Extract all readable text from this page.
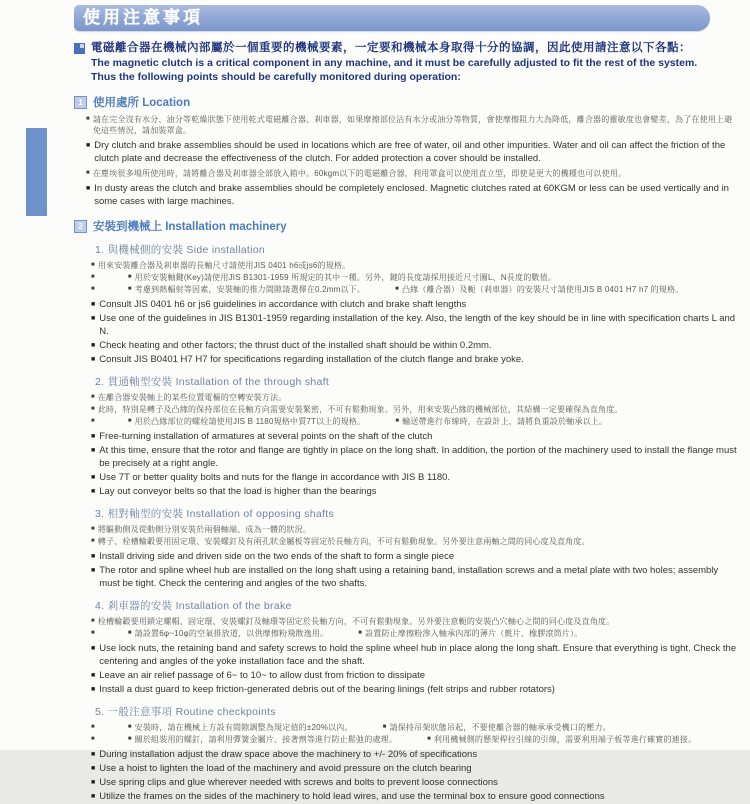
使用注意事項
電磁離合器在機械內部屬於一個重要的機械要素，一定要和機械本身取得十分的協調，因此使用請注意以下各點：
The magnetic clutch is a critical component in any machine, and it must be carefully adjusted to fit the rest of the system.
Thus the following points should be carefully monitored during operation:
1 使用處所 Location
■ 請在完全沒有水分、油分等乾燥狀態下使用乾式電磁離合器、剎車器，如果摩擦部位沾有水分或油分等物質，會使摩擦阻力大為降低，離合器的靈敏度也會變差，為了在使用上避免這些情況，請加裝罩盒。
■ Dry clutch and brake assemblies should be used in locations which are free of water, oil and other impurities. Water and oil can affect the friction of the clutch plate and decrease the effectiveness of the clutch. For added protection a cover should be installed.
■ 在塵埃很多場所使用時，請將離合器及剎車器全部放入箱中。60kgm以下的電磁離合器，利用罩盒可以使用直立型，即使是更大的機種也可以使用。
■ In dusty areas the clutch and brake assemblies should be completely enclosed. Magnetic clutches rated at 60KGM or less can be used vertically and in some cases with large machines.
2 安裝到機械上 Installation machinery
1. 與機械側的安裝 Side installation
■ 用來安裝離合器及剎車器的長軸尺寸請使用JIS 0401 h6或js6的規格。
■ ■ 用於安裝軸鍵(Key)請使用JIS B1301-1959 所規定的其中一種。另外，鍵的長度請採用接近尺寸圖L、N長度的數值。
■ ■ 考慮到熱輻射等因素，安裝軸的推力間隙請選擇在0.2mm以下。	■ 凸緣（離合器）及軛（剎車器）的安裝尺寸請使用JIS B 0401 H7 h7 的規格。
■ Consult JIS 0401 h6 or js6 guidelines in accordance with clutch and brake shaft lengths
■ Use one of the guidelines in JIS B1301-1959 regarding installation of the key. Also, the length of the key should be in line with specification charts L and N.
■ Check heating and other factors; the thrust duct of the installed shaft should be within 0.2mm.
■ Consult JIS B0401 H7 H7 for specifications regarding installation of the clutch flange and brake yoke.
2. 貫通軸型安裝 Installation of the through shaft
■ 在離合器安裝軸上的某些位置電樞的空轉安裝方法。
■ 此時，特別是轉子及凸緣的保持部位在長軸方向需要安裝緊密，不可有鬆動現象。另外，用來安裝凸緣的機械部位，其結構一定要確保為直角度。
■ ■ 用於凸緣部位的螺栓請使用JIS B 1180規格中質7T以上的規格。	■ 輸送帶進行布線時，在設計上，請將負重設於軸承以上。
■ Free-turning installation of armatures at several points on the shaft of the clutch
■ At this time, ensure that the rotor and flange are tightly in place on the long shaft. In addition, the portion of the machinery used to install the flange must be precisely at a right angle.
■ Use 7T or better quality bolts and nuts for the flange in accordance with JIS B 1180.
■ Lay out conveyor belts so that the load is higher than the bearings
3. 相對軸型的安裝 Installation of opposing shafts
■ 將驅動側及從動側分別安裝於兩個軸端、成為一體的狀況。
■ 轉子、栓槽輪轂要用固定環、安裝螺釘及有兩孔狀金屬板等固定於長軸方向，不可有鬆動現象。另外要注意兩軸之間的同心度及直角度。
■ Install driving side and driven side on the two ends of the shaft to form a single piece
■ The rotor and spline wheel hub are installed on the long shaft using a retaining band, installation screws and a metal plate with two holes; assembly must be tight. Check the centering and angles of the two shafts.
4. 剎車器的安裝 Installation of the brake
■ 栓槽輪轂要用鎖定螺帽、固定環、安裝螺釘及軸環等固定於長軸方向，不可有鬆動現象。另外要注意軛的安裝凸穴軸心之間的同心度及直角度。
■ ■ 請設置6φ~10φ的空氣排放道，以供摩擦粉飛散逸用。	■ 設置防止摩擦粉滲入軸承內部的薄片（氈片、橡膠滾筒片）。
■ Use lock nuts, the retaining band and safety screws to hold the spline wheel hub in place along the long shaft. Ensure that everything is tight. Check the centering and angles of the yoke installation face and the shaft.
■ Leave an air relief passage of 6~ to 10~ to allow dust from friction to dissipate
■ Install a dust guard to keep friction-generated debris out of the bearing linings (felt strips and rubber rotators)
5. 一般注意事項 Routine checkpoints
■ ■ 安裝時，請在機械上方設有間隙調整為規定值的±20%以內。	■ 請保持吊架狀態吊起，不要使離合器的軸承承受機口的壓力。
■ ■ 關於組裝用的螺釘，請利用彈簧金屬片、接著劑等進行防止鬆弛的處理。	■ 利用機械側的懸架桿拉引線的引線，需要利用端子板等進行確實的連接。
■ During installation adjust the draw space above the machinery to +/- 20% of specifications
■ Use a hoist to lighten the load of the machinery and avoid pressure on the clutch bearing
■ Use spring clips and glue wherever needed with screws and bolts to prevent loose connections
■ Utilize the frames on the sides of the machinery to hold lead wires, and use the terminal box to ensure good connections
